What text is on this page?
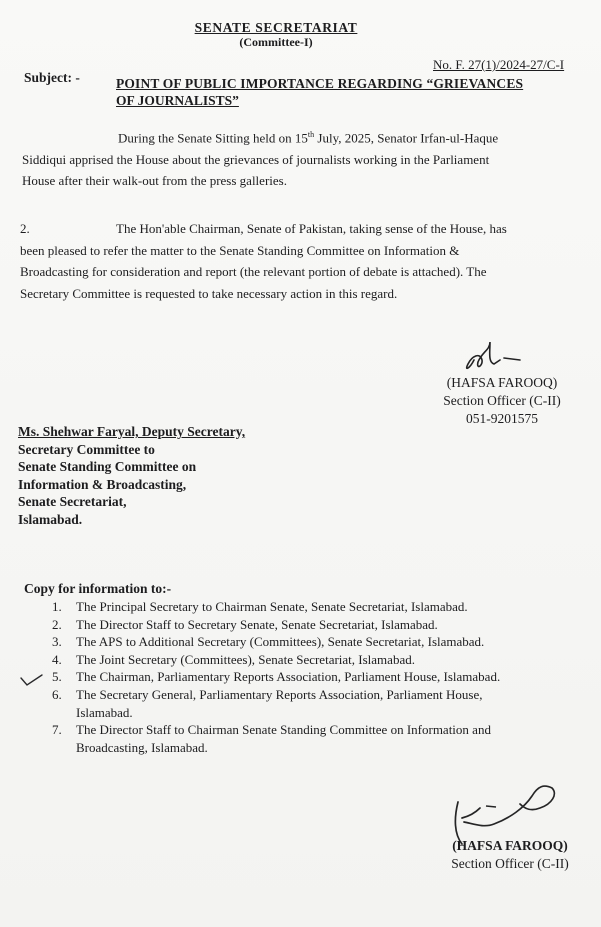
SENATE SECRETARIAT
(Committee-I)
No. F. 27(1)/2024-27/C-I
Subject: -	POINT OF PUBLIC IMPORTANCE REGARDING “GRIEVANCES
OF JOURNALISTS”
During the Senate Sitting held on 15th July, 2025, Senator Irfan-ul-Haque
Siddiqui apprised the House about the grievances of journalists working in the Parliament
House after their walk-out from the press galleries.
2.	The Hon'able Chairman, Senate of Pakistan, taking sense of the House, has
been pleased to refer the matter to the Senate Standing Committee on Information &
Broadcasting for consideration and report (the relevant portion of debate is attached). The
Secretary Committee is requested to take necessary action in this regard.
(HAFSA FAROOQ)
Section Officer (C-II)
051-9201575
Ms. Shehwar Faryal, Deputy Secretary,
Secretary Committee to
Senate Standing Committee on
Information & Broadcasting,
Senate Secretariat,
Islamabad.
Copy for information to:-
1. The Principal Secretary to Chairman Senate, Senate Secretariat, Islamabad.
2. The Director Staff to Secretary Senate, Senate Secretariat, Islamabad.
3. The APS to Additional Secretary (Committees), Senate Secretariat, Islamabad.
4. The Joint Secretary (Committees), Senate Secretariat, Islamabad.
5. The Chairman, Parliamentary Reports Association, Parliament House, Islamabad.
6. The Secretary General, Parliamentary Reports Association, Parliament House,
Islamabad.
7. The Director Staff to Chairman Senate Standing Committee on Information and
Broadcasting, Islamabad.
(HAFSA FAROOQ)
Section Officer (C-II)
